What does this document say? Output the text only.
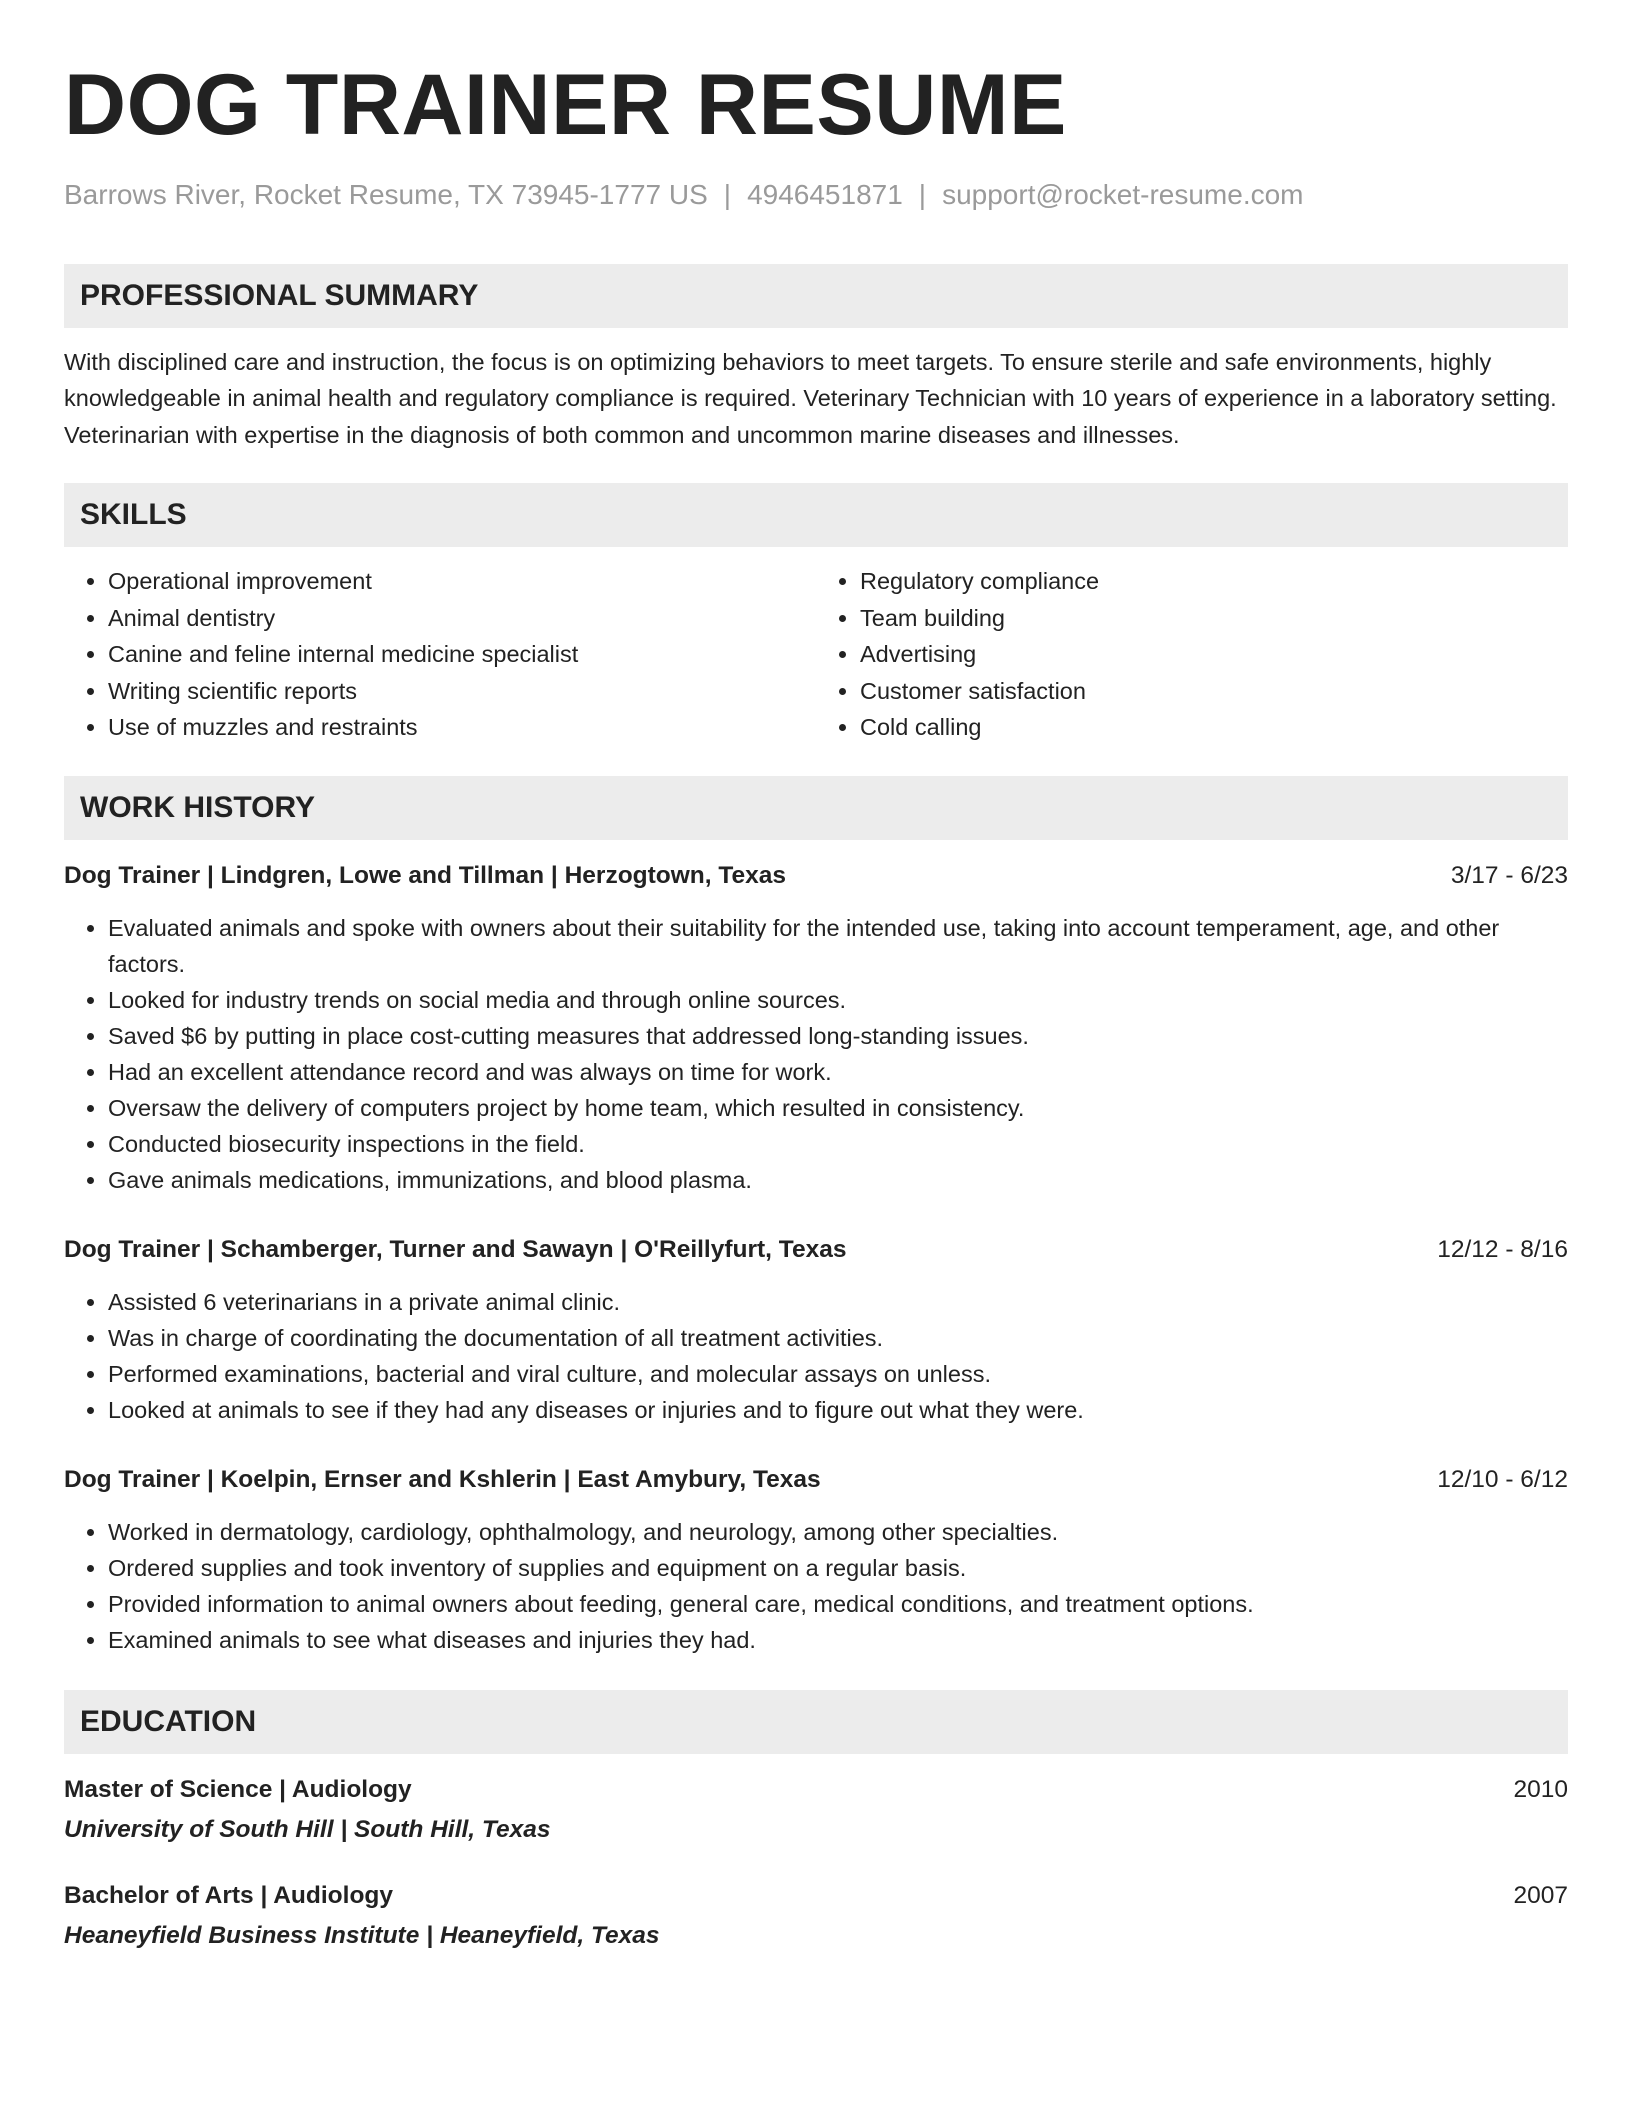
DOG TRAINER RESUME
Barrows River, Rocket Resume, TX 73945-1777 US | 4946451871 | support@rocket-resume.com
PROFESSIONAL SUMMARY
With disciplined care and instruction, the focus is on optimizing behaviors to meet targets. To ensure sterile and safe environments, highly knowledgeable in animal health and regulatory compliance is required. Veterinary Technician with 10 years of experience in a laboratory setting. Veterinarian with expertise in the diagnosis of both common and uncommon marine diseases and illnesses.
SKILLS
• Operational improvement
• Animal dentistry
• Canine and feline internal medicine specialist
• Writing scientific reports
• Use of muzzles and restraints
• Regulatory compliance
• Team building
• Advertising
• Customer satisfaction
• Cold calling
WORK HISTORY
Dog Trainer | Lindgren, Lowe and Tillman | Herzogtown, Texas	3/17 - 6/23
• Evaluated animals and spoke with owners about their suitability for the intended use, taking into account temperament, age, and other factors.
• Looked for industry trends on social media and through online sources.
• Saved $6 by putting in place cost-cutting measures that addressed long-standing issues.
• Had an excellent attendance record and was always on time for work.
• Oversaw the delivery of computers project by home team, which resulted in consistency.
• Conducted biosecurity inspections in the field.
• Gave animals medications, immunizations, and blood plasma.
Dog Trainer | Schamberger, Turner and Sawayn | O'Reillyfurt, Texas	12/12 - 8/16
• Assisted 6 veterinarians in a private animal clinic.
• Was in charge of coordinating the documentation of all treatment activities.
• Performed examinations, bacterial and viral culture, and molecular assays on unless.
• Looked at animals to see if they had any diseases or injuries and to figure out what they were.
Dog Trainer | Koelpin, Ernser and Kshlerin | East Amybury, Texas	12/10 - 6/12
• Worked in dermatology, cardiology, ophthalmology, and neurology, among other specialties.
• Ordered supplies and took inventory of supplies and equipment on a regular basis.
• Provided information to animal owners about feeding, general care, medical conditions, and treatment options.
• Examined animals to see what diseases and injuries they had.
EDUCATION
Master of Science | Audiology	2010
University of South Hill | South Hill, Texas
Bachelor of Arts | Audiology	2007
Heaneyfield Business Institute | Heaneyfield, Texas
